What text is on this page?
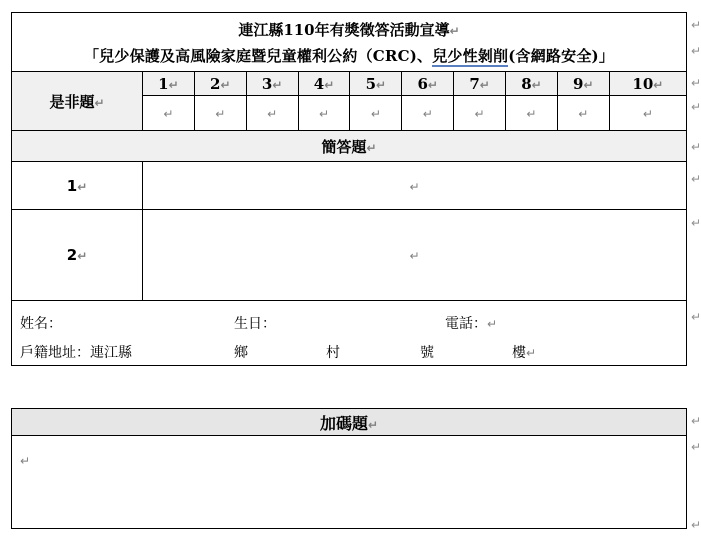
連江縣110年有獎徵答活動宣導↵
「兒少保護及高風險家庭暨兒童權利公約（CRC)、兒少性剝削(含網路安全)」										

是非題↵	1↵	2↵	3↵	4↵	5↵	6↵	7↵	8↵	9↵	10↵
	↵	↵	↵	↵	↵	↵	↵	↵	↵	↵
簡答題↵										
1↵	↵									
2↵	↵									

姓名：	生日：	電話：↵
戶籍地址：連江縣	鄉	村	號	樓↵
加碼題↵

↵
↵
↵
↵
↵
↵
↵
↵
↵
↵
↵
↵
